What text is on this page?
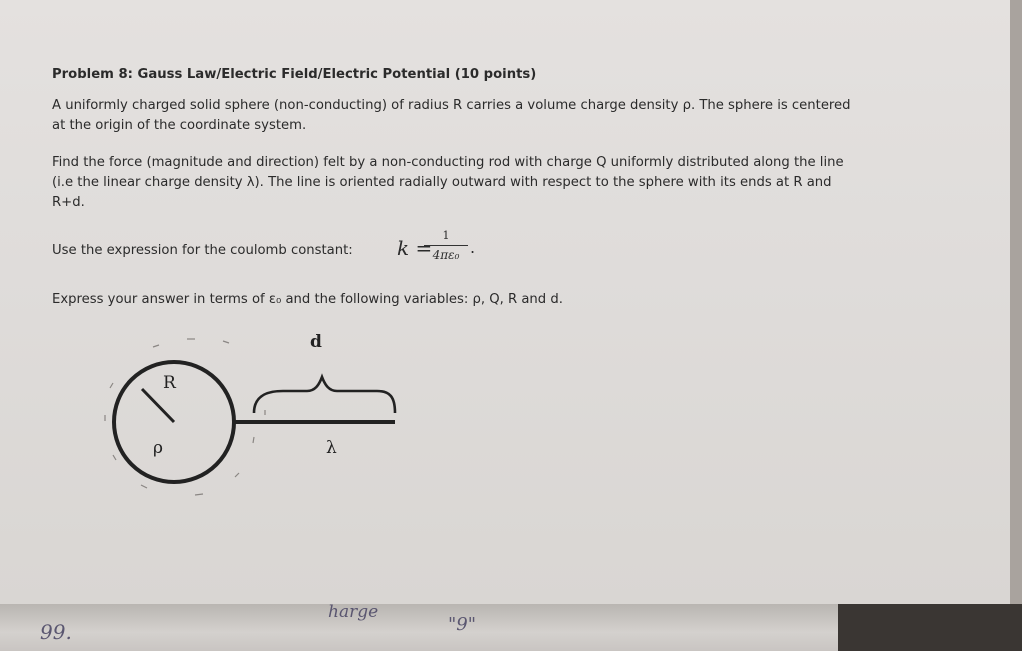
Problem 8: Gauss Law/Electric Field/Electric Potential (10 points)
A uniformly charged solid sphere (non-conducting) of radius R carries a volume charge density ρ. The sphere is centered
at the origin of the coordinate system.
Find the force (magnitude and direction) felt by a non-conducting rod with charge Q uniformly distributed along the line
(i.e the linear charge density λ). The line is oriented radially outward with respect to the sphere with its ends at R and
R+d.
Use the expression for the coulomb constant: k =
1
4πε₀ .
Express your answer in terms of ε₀ and the following variables: ρ, Q, R and d.
R
ρ
d
λ
99.
harge
"9"
